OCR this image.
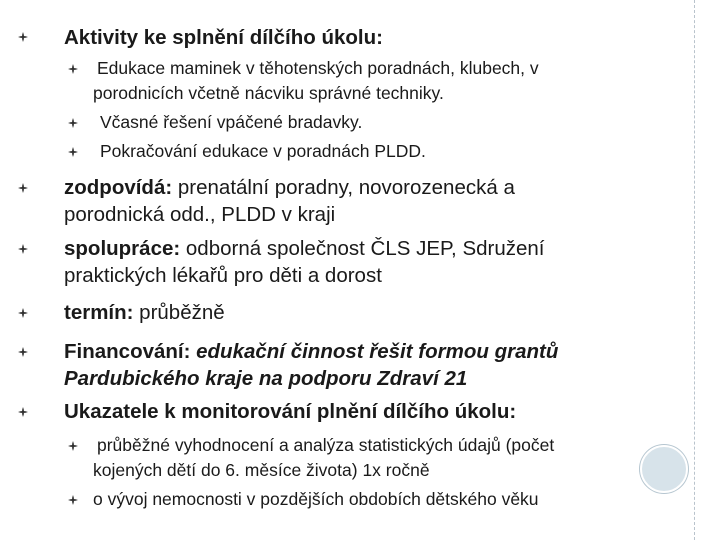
Aktivity ke splnění dílčího úkolu:
Edukace maminek v těhotenských poradnách, klubech, v
porodnicích včetně nácviku správné techniky.
Včasné řešení vpáčené bradavky.
Pokračování edukace v poradnách PLDD.
zodpovídá: prenatální poradny, novorozenecká a
porodnická odd., PLDD v kraji
spolupráce: odborná společnost ČLS JEP, Sdružení
praktických lékařů pro děti a dorost
termín: průběžně
Financování: edukační činnost řešit formou grantů
Pardubického kraje na podporu Zdraví 21
Ukazatele k monitorování plnění dílčího úkolu:
průběžné vyhodnocení a analýza statistických údajů (počet
kojených dětí do 6. měsíce života) 1x ročně
o vývoj nemocnosti v pozdějších obdobích dětského věku
